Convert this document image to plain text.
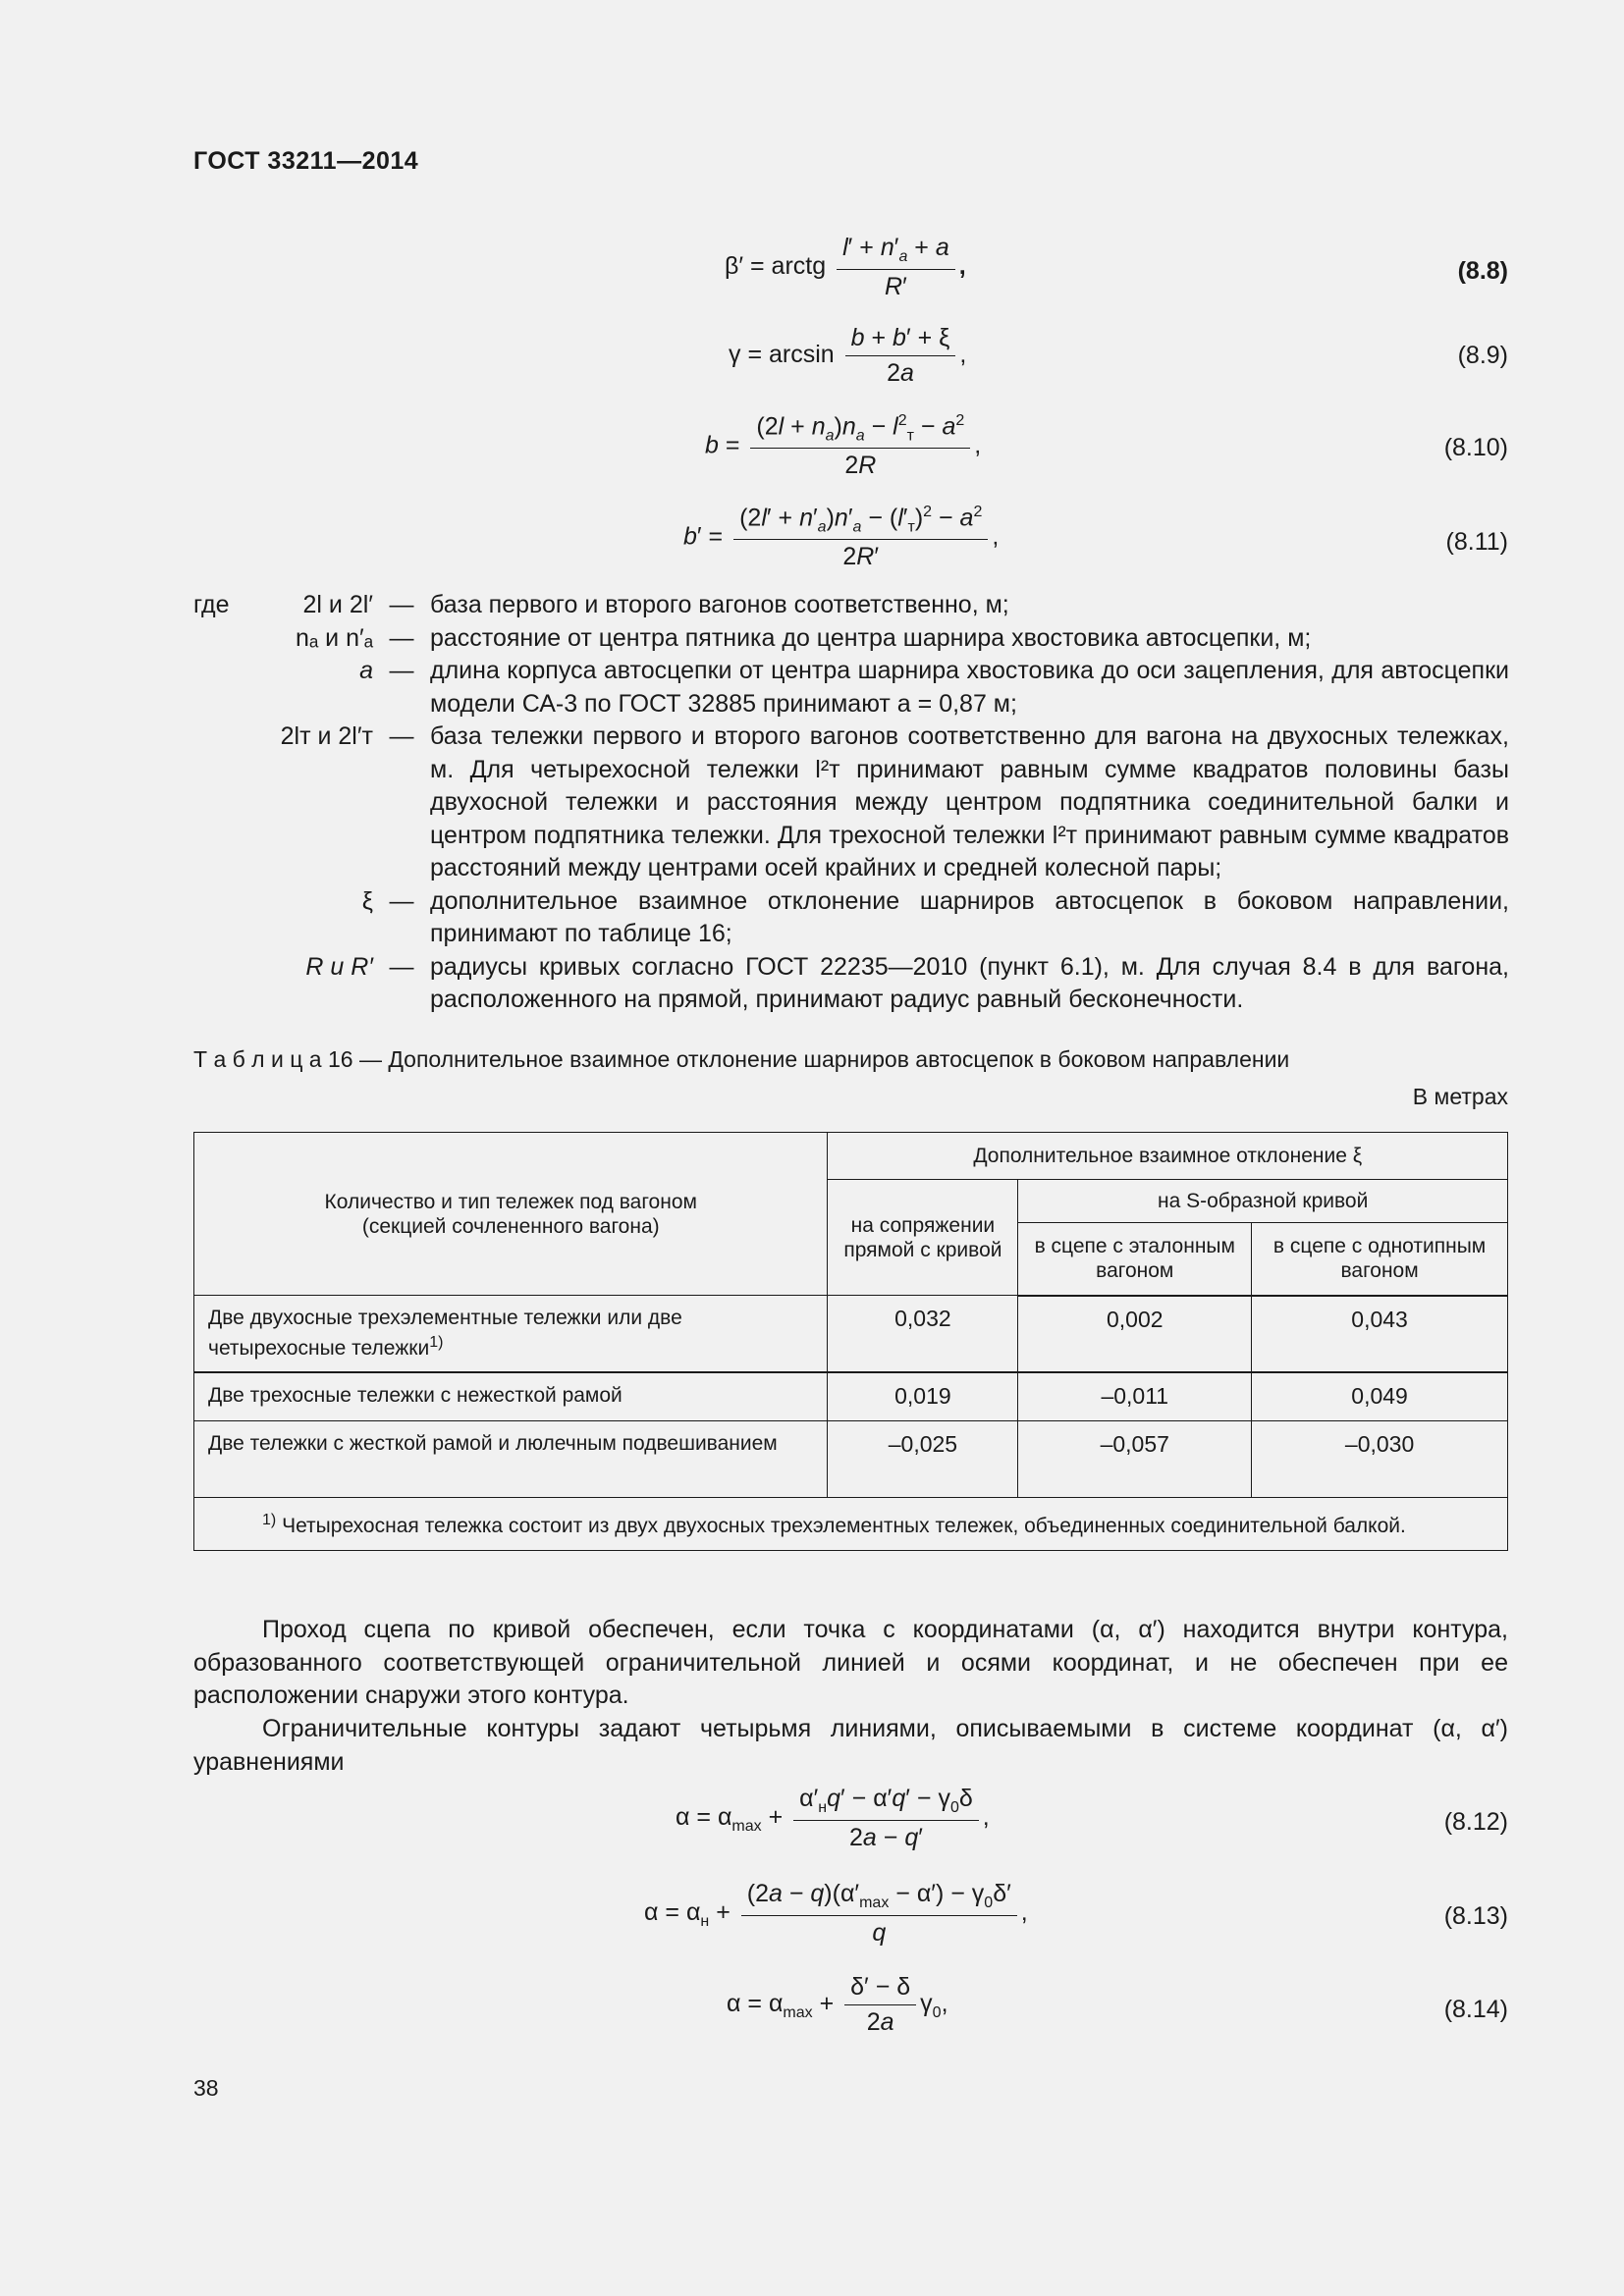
ГОСТ 33211—2014
β′ = arctg $\frac{l' + n'_a + a}{R'}$ ,	(8.8)
$\gamma = \arcsin \frac{b + b' + \xi}{2a}$ ,	(8.9)
$b = \frac{(2l + n_a)n_a - l^2_т - a^2}{2R}$ ,	(8.10)
$b' = \frac{(2l' + n'_a)n'_a - (l'_т)^2 - a^2}{2R'}$ ,	(8.11)
где	2l и 2l′ — база первого и второго вагонов соответственно, м;
nₐ и n′ₐ — расстояние от центра пятника до центра шарнира хвостовика автосцепки, м;
a — длина корпуса автосцепки от центра шарнира хвостовика до оси зацепления, для автосцепки модели СА-3 по ГОСТ 32885 принимают a = 0,87 м;
2lт и 2l′т — база тележки первого и второго вагонов соответственно для вагона на двухосных тележках, м. Для четырехосной тележки l²т принимают равным сумме квадратов половины базы двухосной тележки и расстояния между центром подпятника соединительной балки и центром подпятника тележки. Для трехосной тележки l²т принимают равным сумме квадратов расстояний между центрами осей крайних и средней колесной пары;
ξ — дополнительное взаимное отклонение шарниров автосцепок в боковом направлении, принимают по таблице 16;
R и R′ — радиусы кривых согласно ГОСТ 22235—2010 (пункт 6.1), м. Для случая 8.4 в для вагона, расположенного на прямой, принимают радиус равный бесконечности.
Т а б л и ц а 16 — Дополнительное взаимное отклонение шарниров автосцепок в боковом направлении
В метрах
Количество и тип тележек под вагоном (секцией сочлененного вагона)	Дополнительное взаимное отклонение ξ		
	на сопряжении прямой с кривой	на S-образной кривой	
		в сцепе с эталонным вагоном	в сцепе с однотипным вагоном
Две двухосные трехэлементные тележки или две четырехосные тележки$^{1)}$	0,032	0,002	0,043
Две трехосные тележки с нежесткой рамой	0,019	–0,011	0,049
Две тележки с жесткой рамой и люлечным подвешиванием	–0,025	–0,057	–0,030
$^{1)}$ Четырехосная тележка состоит из двух двухосных трехэлементных тележек, объединенных соединительной балкой.			
Проход сцепа по кривой обеспечен, если точка с координатами (α, α′) находится внутри контура, образованного соответствующей ограничительной линией и осями координат, и не обеспечен при ее расположении снаружи этого контура.
Ограничительные контуры задают четырьмя линиями, описываемыми в системе координат (α, α′) уравнениями
$\alpha = \alpha_{max} + \frac{\alpha'_нq' - \alpha'q' - \gamma_0\delta}{2a - q'}$ ,	(8.12)
$\alpha = \alpha_н + \frac{(2a - q)(\alpha'_{max} - \alpha') - \gamma_0\delta'}{q}$ ,	(8.13)
$\alpha = \alpha_{max} + \frac{\delta' - \delta}{2a} \gamma_0$,	(8.14)
38
